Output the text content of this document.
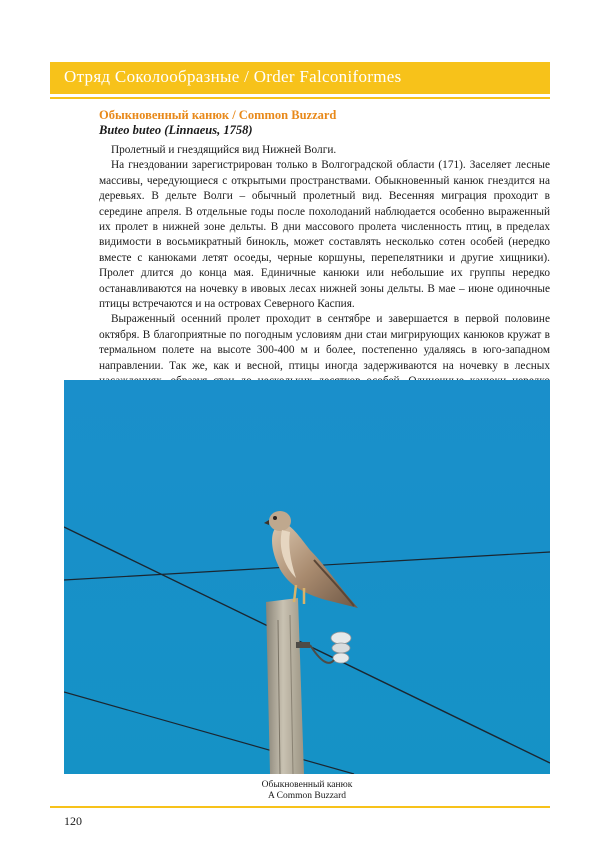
Отряд Соколообразные / Order Falconiformes
Обыкновенный канюк / Common Buzzard
Buteo buteo (Linnaeus, 1758)

Пролетный и гнездящийся вид Нижней Волги.

На гнездовании зарегистрирован только в Волгоградской области (171). Заселяет лесные массивы, чередующиеся с открытыми пространствами. Обыкновенный канюк гнездится на деревьях. В дельте Волги – обычный пролетный вид. Весенняя миграция проходит в середине апреля. В отдельные годы после похолоданий наблюдается особенно выраженный их пролет в нижней зоне дельты. В дни массового пролета численность птиц, в пределах видимости в восьмикратный бинокль, может составлять несколько сотен особей (нередко вместе с канюками летят осоеды, черные коршуны, перепелятники и другие хищники). Пролет длится до конца мая. Единичные канюки или небольшие их группы нередко останавливаются на ночевку в ивовых лесах нижней зоны дельты. В мае – июне одиночные птицы встречаются и на островах Северного Каспия.

Выраженный осенний пролет проходит в сентябре и завершается в первой половине октября. В благоприятные по погодным условиям дни стаи мигрирующих канюков кружат в термальном полете на высоте 300-400 м и более, постепенно удаляясь в юго-западном направлении. Так же, как и весной, птицы иногда задерживаются на ночевку в лесных

Обыкновенный канюк
A Common Buzzard
120
